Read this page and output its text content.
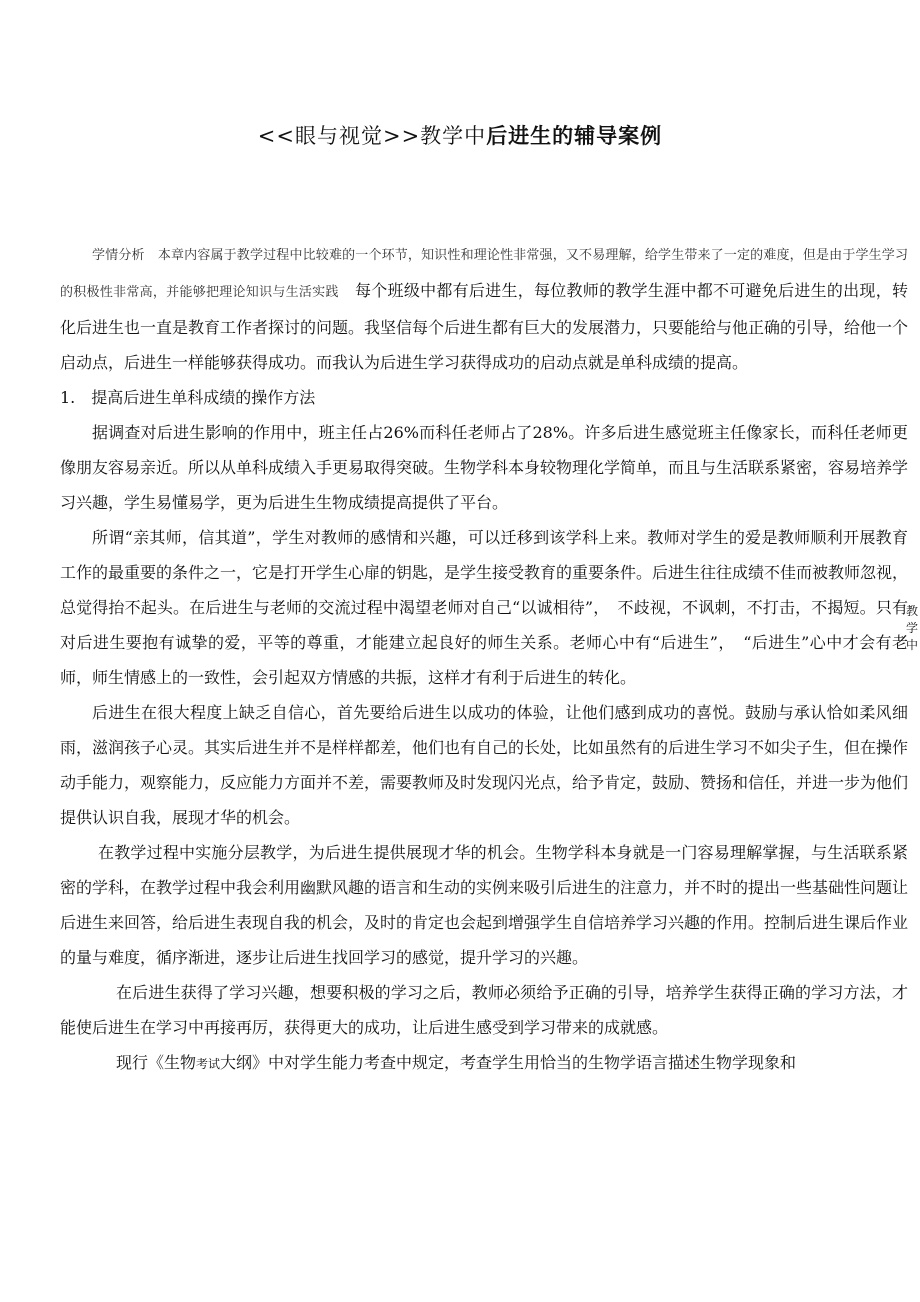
<<眼与视觉>>教学中后进生的辅导案例

学情分析　 本章内容属于教学过程中比较难的一个环节，知识性和理论性非常强，又不易理解，给学生带来了一定的难度，但是由于学生学习的积极性非常高，并能够把理论知识与生活实践　 每个班级中都有后进生，每位教师的教学生涯中都不可避免后进生的出现，转化后进生也一直是教育工作者探讨的问题。我坚信每个后进生都有巨大的发展潜力，只要能给与他正确的引导，给他一个启动点，后进生一样能够获得成功。而我认为后进生学习获得成功的启动点就是单科成绩的提高。

1.　提高后进生单科成绩的操作方法

据调查对后进生影响的作用中，班主任占26%而科任老师占了28%。许多后进生感觉班主任像家长，而科任老师更像朋友容易亲近。所以从单科成绩入手更易取得突破。生物学科本身较物理化学简单，而且与生活联系紧密，容易培养学习兴趣，学生易懂易学，更为后进生生物成绩提高提供了平台。

所谓“亲其师，信其道”，学生对教师的感情和兴趣，可以迁移到该学科上来。教师对学生的爱是教师顺利开展教育工作的最重要的条件之一，它是打开学生心扉的钥匙，是学生接受教育的重要条件。后进生往往成绩不佳而被教师忽视，总觉得抬不起头。在后进生与老师的交流过程中渴望老师对自己“以诚相待”，　不歧视，不讽刺，不打击，不揭短。只有对后进生要抱有诚挚的爱，平等的尊重，才能建立起良好的师生关系。老师心中有“后进生”，　“后进生”心中才会有老师，师生情感上的一致性，会引起双方情感的共振，这样才有利于后进生的转化。

后进生在很大程度上缺乏自信心，首先要给后进生以成功的体验，让他们感到成功的喜悦。鼓励与承认恰如柔风细雨，滋润孩子心灵。其实后进生并不是样样都差，他们也有自己的长处，比如虽然有的后进生学习不如尖子生，但在操作动手能力，观察能力，反应能力方面并不差，需要教师及时发现闪光点，给予肯定，鼓励、赞扬和信任，并进一步为他们提供认识自我，展现才华的机会。

在教学过程中实施分层教学，为后进生提供展现才华的机会。生物学科本身就是一门容易理解掌握，与生活联系紧密的学科，在教学过程中我会利用幽默风趣的语言和生动的实例来吸引后进生的注意力，并不时的提出一些基础性问题让后进生来回答，给后进生表现自我的机会，及时的肯定也会起到增强学生自信培养学习兴趣的作用。控制后进生课后作业的量与难度，循序渐进，逐步让后进生找回学习的感觉，提升学习的兴趣。

在后进生获得了学习兴趣，想要积极的学习之后，教师必须给予正确的引导，培养学生获得正确的学习方法，才能使后进生在学习中再接再厉，获得更大的成功，让后进生感受到学习带来的成就感。

现行《生物考试大纲》中对学生能力考查中规定，考查学生用恰当的生物学语言描述生物学现象和

教
学
中
